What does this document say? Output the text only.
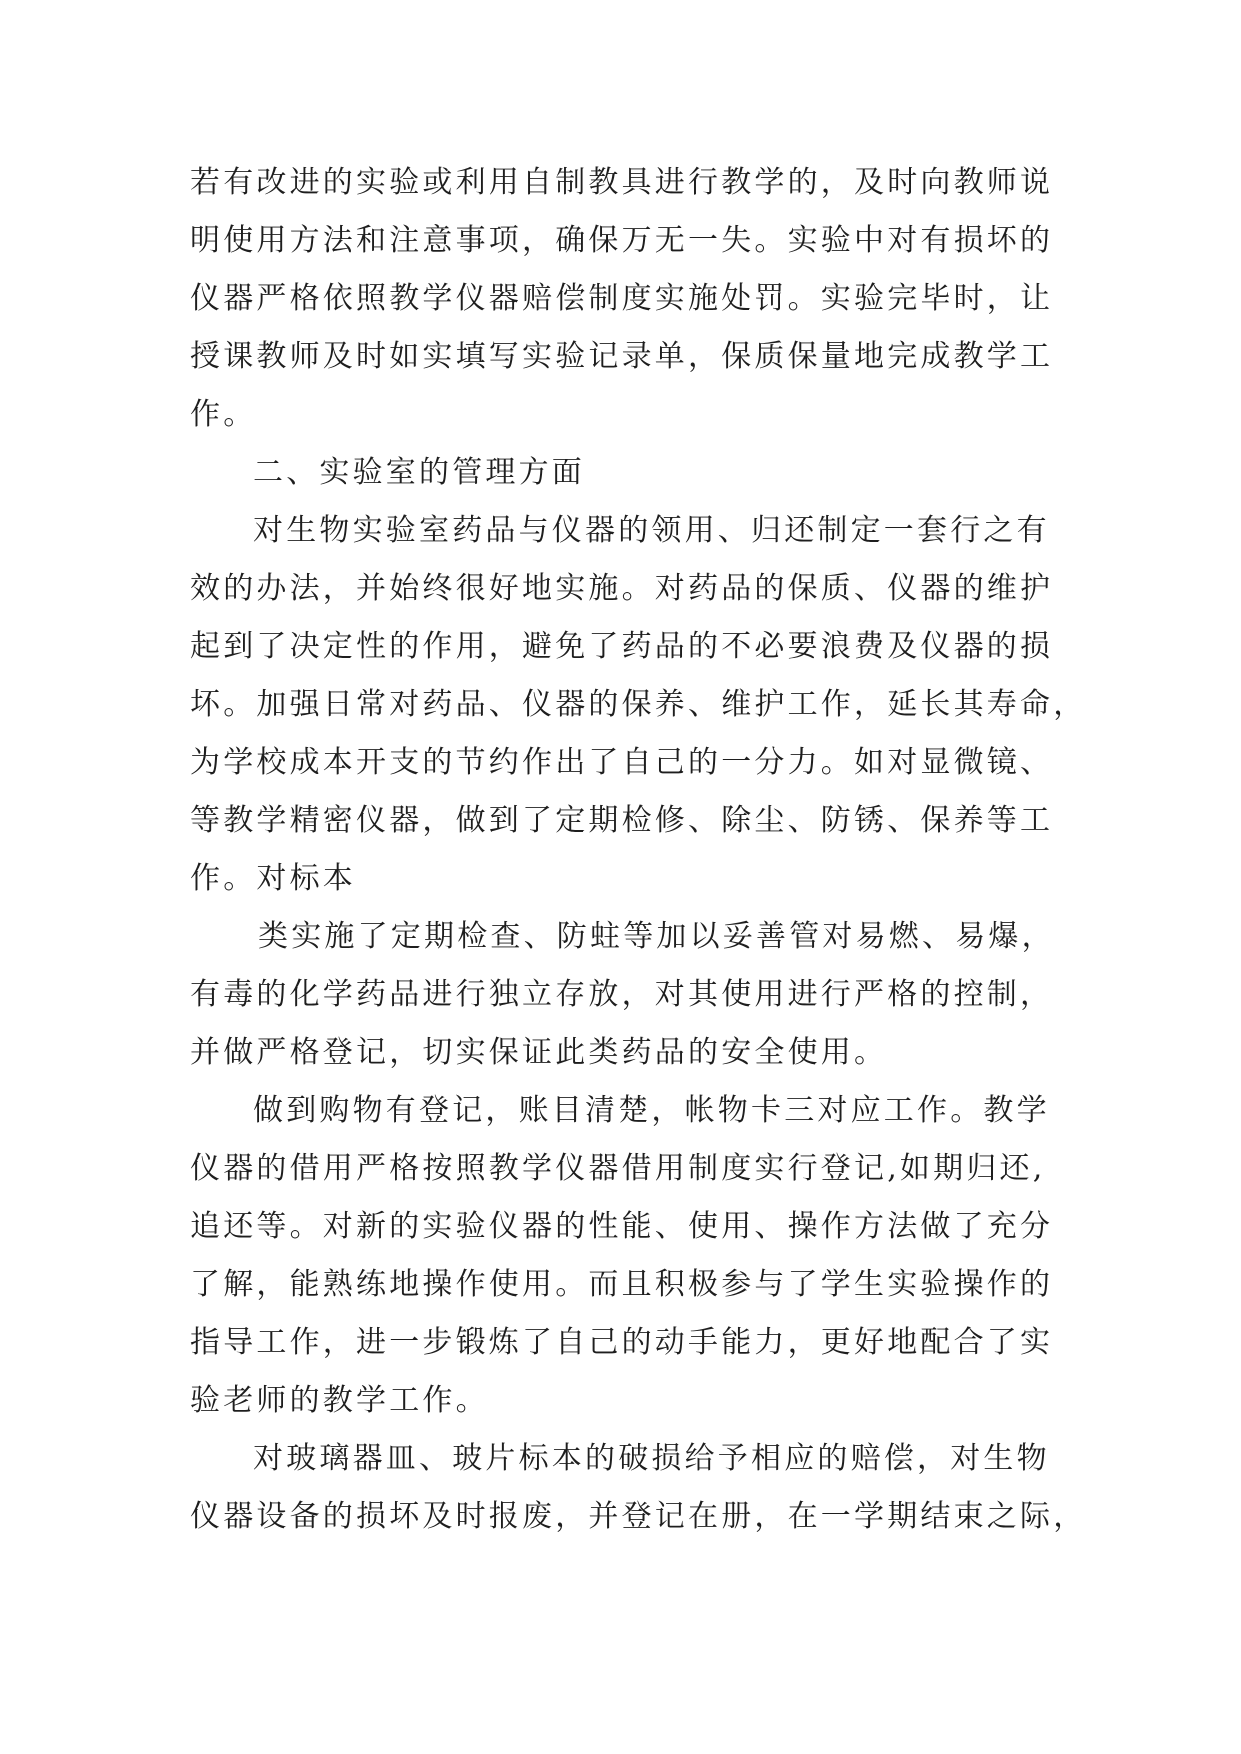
若有改进的实验或利用自制教具进行教学的，及时向教师说
明使用方法和注意事项，确保万无一失。实验中对有损坏的
仪器严格依照教学仪器赔偿制度实施处罚。实验完毕时，让
授课教师及时如实填写实验记录单，保质保量地完成教学工
作。
二、实验室的管理方面
对生物实验室药品与仪器的领用、归还制定一套行之有
效的办法，并始终很好地实施。对药品的保质、仪器的维护
起到了决定性的作用，避免了药品的不必要浪费及仪器的损
坏。加强日常对药品、仪器的保养、维护工作，延长其寿命，
为学校成本开支的节约作出了自己的一分力。如对显微镜、
等教学精密仪器，做到了定期检修、除尘、防锈、保养等工
作。对标本
类实施了定期检查、防蛀等加以妥善管对易燃、易爆，
有毒的化学药品进行独立存放，对其使用进行严格的控制，
并做严格登记，切实保证此类药品的安全使用。
做到购物有登记，账目清楚，帐物卡三对应工作。教学
仪器的借用严格按照教学仪器借用制度实行登记,如期归还,
追还等。对新的实验仪器的性能、使用、操作方法做了充分
了解，能熟练地操作使用。而且积极参与了学生实验操作的
指导工作，进一步锻炼了自己的动手能力，更好地配合了实
验老师的教学工作。
对玻璃器皿、玻片标本的破损给予相应的赔偿，对生物
仪器设备的损坏及时报废，并登记在册，在一学期结束之际，
